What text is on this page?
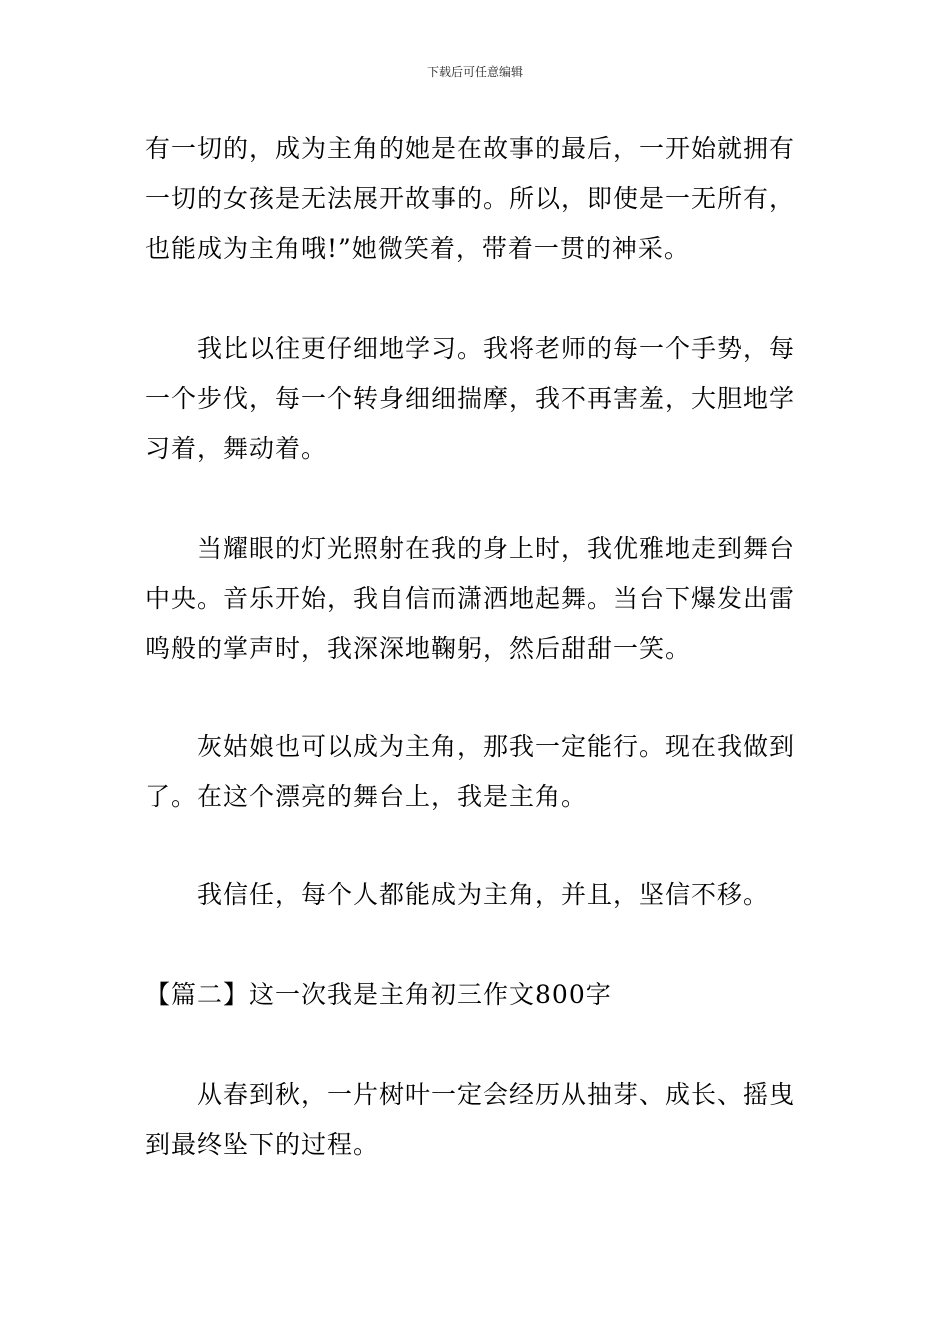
下载后可任意编辑
有一切的，成为主角的她是在故事的最后，一开始就拥有
一切的女孩是无法展开故事的。所以，即使是一无所有，
也能成为主角哦!”她微笑着，带着一贯的神采。
我比以往更仔细地学习。我将老师的每一个手势，每
一个步伐，每一个转身细细揣摩，我不再害羞，大胆地学
习着，舞动着。
当耀眼的灯光照射在我的身上时，我优雅地走到舞台
中央。音乐开始，我自信而潇洒地起舞。当台下爆发出雷
鸣般的掌声时，我深深地鞠躬，然后甜甜一笑。
灰姑娘也可以成为主角，那我一定能行。现在我做到
了。在这个漂亮的舞台上，我是主角。
我信任，每个人都能成为主角，并且，坚信不移。
【篇二】这一次我是主角初三作文800字
从春到秋，一片树叶一定会经历从抽芽、成长、摇曳
到最终坠下的过程。
